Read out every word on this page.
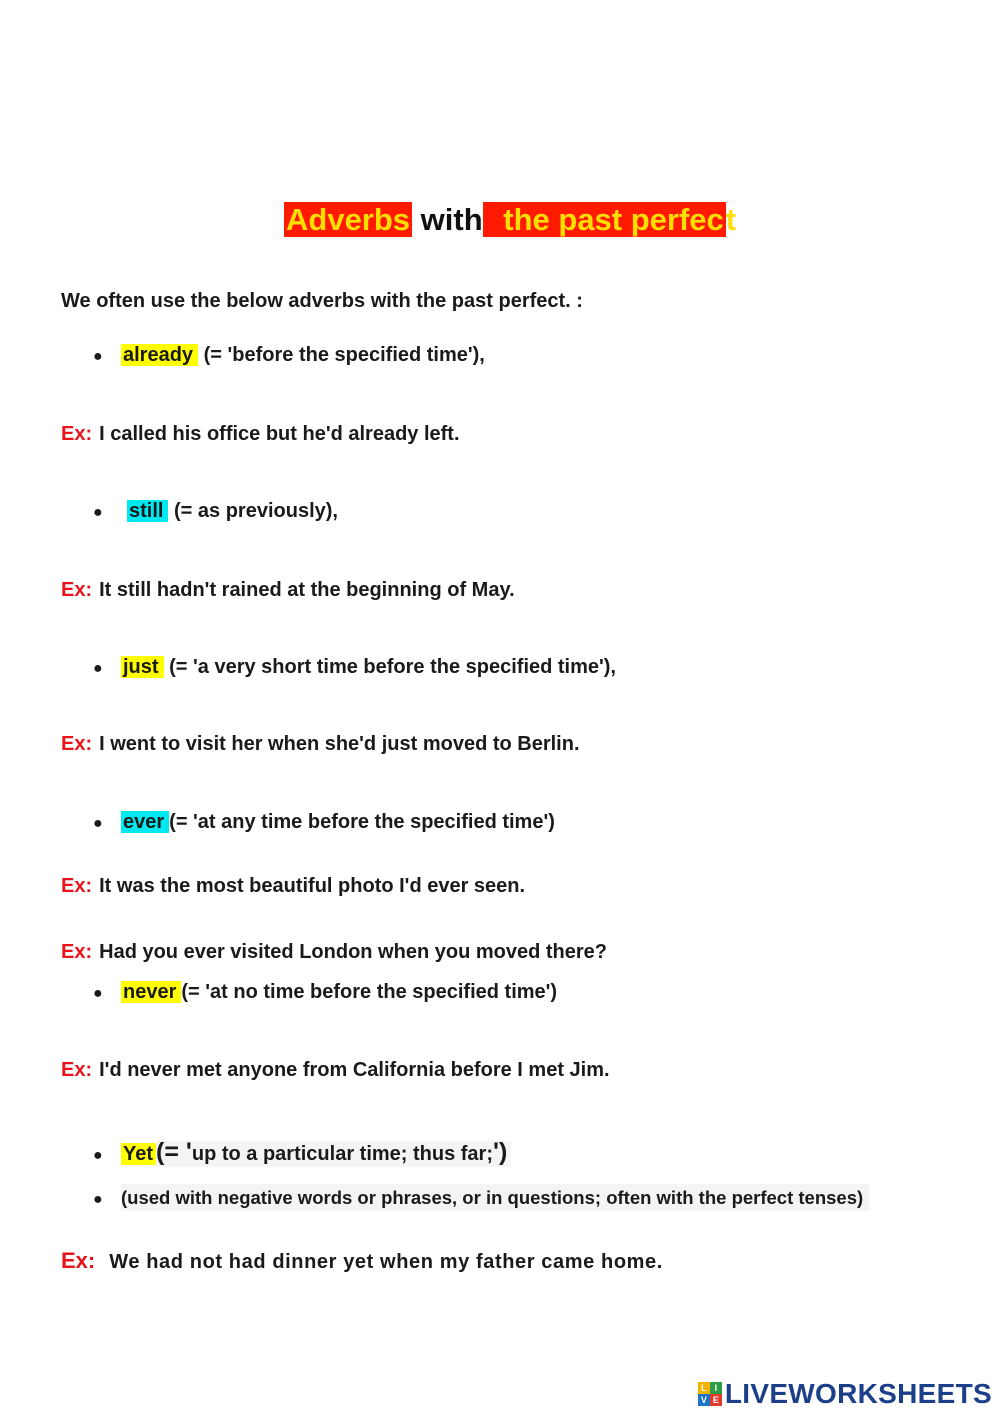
Adverbs with the past perfect
We often use the below adverbs with the past perfect. :
● already (= 'before the specified time'),
Ex: I called his office but he'd already left.
● still (= as previously),
Ex: It still hadn't rained at the beginning of May.
● just (= 'a very short time before the specified time'),
Ex: I went to visit her when she'd just moved to Berlin.
● ever (= 'at any time before the specified time')
Ex: It was the most beautiful photo I'd ever seen.
Ex: Had you ever visited London when you moved there?
● never (= 'at no time before the specified time')
Ex: I'd never met anyone from California before I met Jim.
● Yet (= 'up to a particular time; thus far;')
● (used with negative words or phrases, or in questions; often with the perfect tenses)
Ex: We had not had dinner yet when my father came home.
L I
V E LIVEWORKSHEETS
